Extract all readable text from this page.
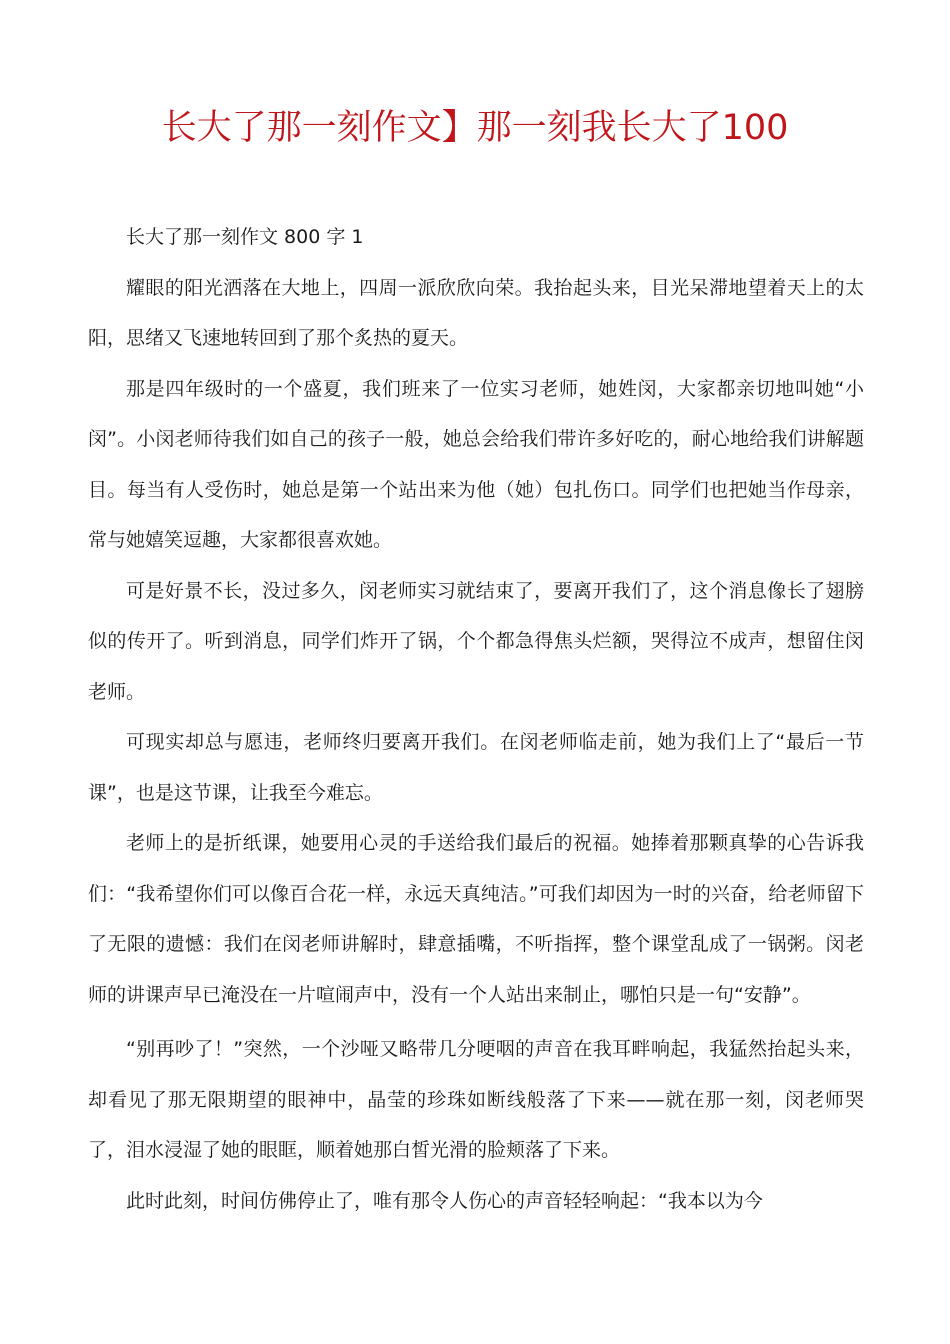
长大了那一刻作文】那一刻我长大了100

长大了那一刻作文 800 字 1

耀眼的阳光洒落在大地上，四周一派欣欣向荣。我抬起头来，目光呆滞地望着天上的太阳，思绪又飞速地转回到了那个炙热的夏天。

那是四年级时的一个盛夏，我们班来了一位实习老师，她姓闵，大家都亲切地叫她“小闵”。小闵老师待我们如自己的孩子一般，她总会给我们带许多好吃的，耐心地给我们讲解题目。每当有人受伤时，她总是第一个站出来为他（她）包扎伤口。同学们也把她当作母亲，常与她嬉笑逗趣，大家都很喜欢她。

可是好景不长，没过多久，闵老师实习就结束了，要离开我们了，这个消息像长了翅膀似的传开了。听到消息，同学们炸开了锅，个个都急得焦头烂额，哭得泣不成声，想留住闵老师。

可现实却总与愿违，老师终归要离开我们。在闵老师临走前，她为我们上了“最后一节课”，也是这节课，让我至今难忘。

老师上的是折纸课，她要用心灵的手送给我们最后的祝福。她捧着那颗真挚的心告诉我们：“我希望你们可以像百合花一样，永远天真纯洁。”可我们却因为一时的兴奋，给老师留下了无限的遗憾：我们在闵老师讲解时，肆意插嘴，不听指挥，整个课堂乱成了一锅粥。闵老师的讲课声早已淹没在一片喧闹声中，没有一个人站出来制止，哪怕只是一句“安静”。

“别再吵了！”突然，一个沙哑又略带几分哽咽的声音在我耳畔响起，我猛然抬起头来，却看见了那无限期望的眼神中，晶莹的珍珠如断线般落了下来——就在那一刻，闵老师哭了，泪水浸湿了她的眼眶，顺着她那白皙光滑的脸颊落了下来。

此时此刻，时间仿佛停止了，唯有那令人伤心的声音轻轻响起：“我本以为今
